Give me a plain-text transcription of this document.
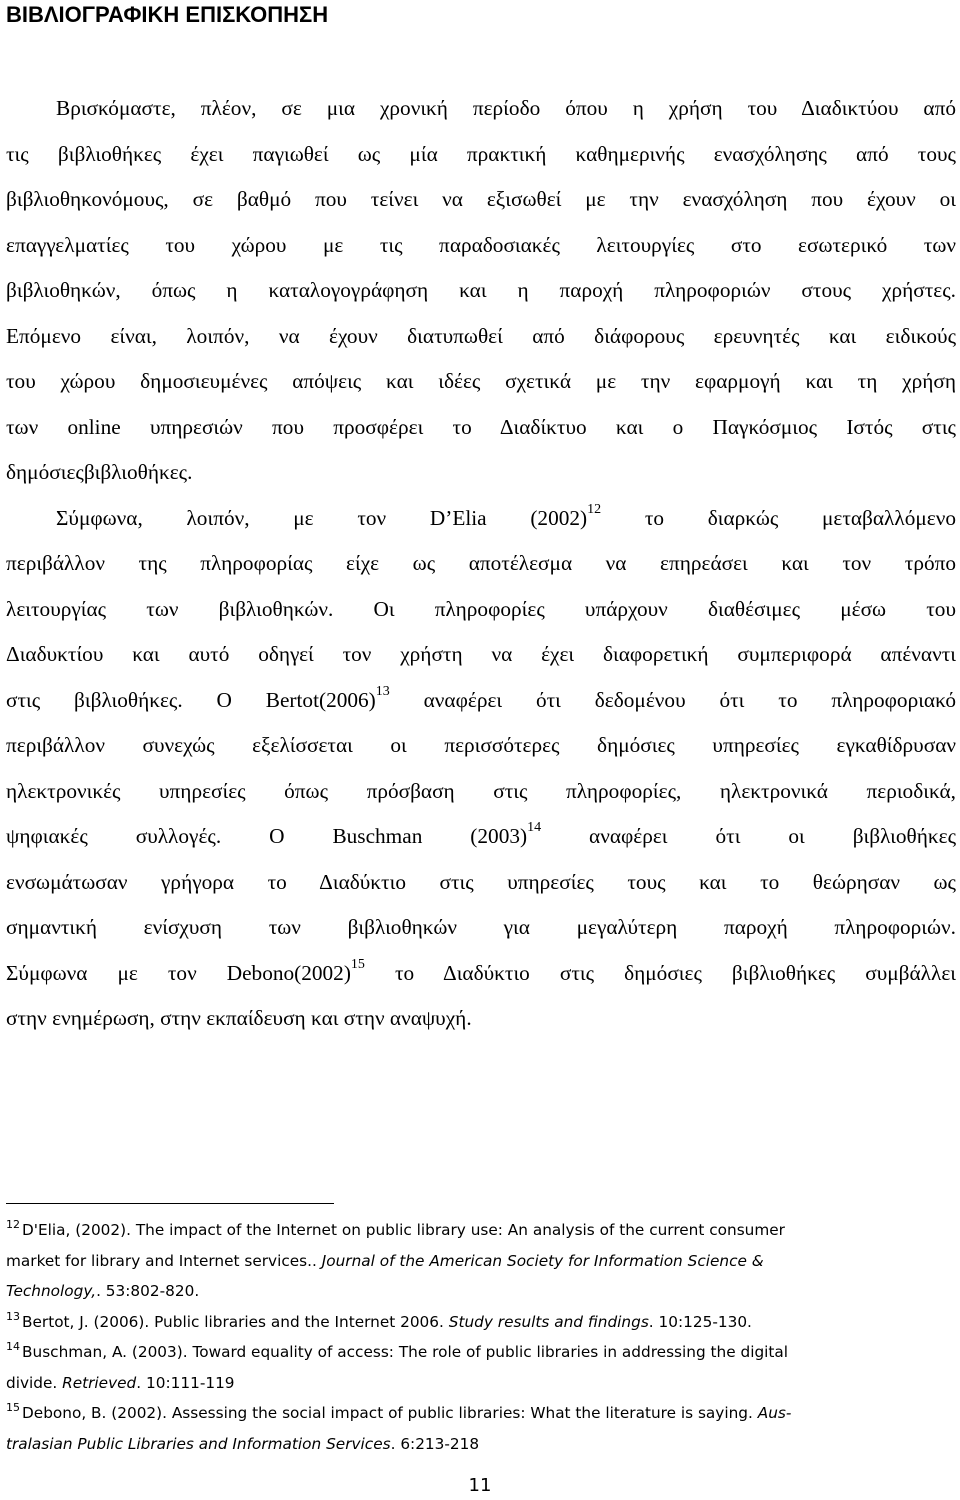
ΒΙΒΛΙΟΓΡΑΦΙΚΗ ΕΠΙΣΚΟΠΗΣΗ
Βρισκόμαστε, πλέον, σε μια χρονική περίοδο όπου η χρήση του Διαδικτύου από
τις βιβλιοθήκες έχει παγιωθεί ως μία πρακτική καθημερινής ενασχόλησης από τους
βιβλιοθηκονόμους, σε βαθμό που τείνει να εξισωθεί με την ενασχόληση που έχουν οι
επαγγελματίες του χώρου με τις παραδοσιακές λειτουργίες στο εσωτερικό των
βιβλιοθηκών, όπως η καταλογογράφηση και η παροχή πληροφοριών στους χρήστες.
Επόμενο είναι, λοιπόν, να έχουν διατυπωθεί από διάφορους ερευνητές και ειδικούς
του χώρου δημοσιευμένες απόψεις και ιδέες σχετικά με την εφαρμογή και τη χρήση
των online υπηρεσιών που προσφέρει το Διαδίκτυο και ο Παγκόσμιος Ιστός στις
δημόσιεςβιβλιοθήκες.
Σύμφωνα, λοιπόν, με τον D’Elia $(2002)^{12}$ το διαρκώς μεταβαλλόμενο
περιβάλλον της πληροφορίας είχε ως αποτέλεσμα να επηρεάσει και τον τρόπο
λειτουργίας των βιβλιοθηκών. Οι πληροφορίες υπάρχουν διαθέσιμες μέσω του
Διαδυκτίου και αυτό οδηγεί τον χρήστη να έχει διαφορετική συμπεριφορά απέναντι
στις βιβλιοθήκες. Ο $Bertot(2006)^{13}$ αναφέρει ότι δεδομένου ότι το πληροφοριακό
περιβάλλον συνεχώς εξελίσσεται οι περισσότερες δημόσιες υπηρεσίες εγκαθίδρυσαν
ηλεκτρονικές υπηρεσίες όπως πρόσβαση στις πληροφορίες, ηλεκτρονικά περιοδικά,
ψηφιακές συλλογές. Ο Buschman $(2003)^{14}$ αναφέρει ότι οι βιβλιοθήκες
ενσωμάτωσαν γρήγορα το Διαδύκτιο στις υπηρεσίες τους και το θεώρησαν ως
σημαντική ενίσχυση των βιβλιοθηκών για μεγαλύτερη παροχή πληροφοριών.
Σύμφωνα με τον $Debono(2002)^{15}$ το Διαδύκτιο στις δημόσιες βιβλιοθήκες συμβάλλει
στην ενημέρωση, στην εκπαίδευση και στην αναψυχή.
$^{12}$ D'Elia, (2002). The impact of the Internet on public library use: An analysis of the current consumer
market for library and Internet services.. Journal of the American Society for Information Science &
Technology,. 53:802-820.
$^{13}$ Bertot, J. (2006). Public libraries and the Internet 2006. Study results and findings. 10:125-130.
$^{14}$ Buschman, A. (2003). Toward equality of access: The role of public libraries in addressing the digital
divide. Retrieved. 10:111-119
$^{15}$ Debono, B. (2002). Assessing the social impact of public libraries: What the literature is saying. Aus-
tralasian Public Libraries and Information Services. 6:213-218
11
